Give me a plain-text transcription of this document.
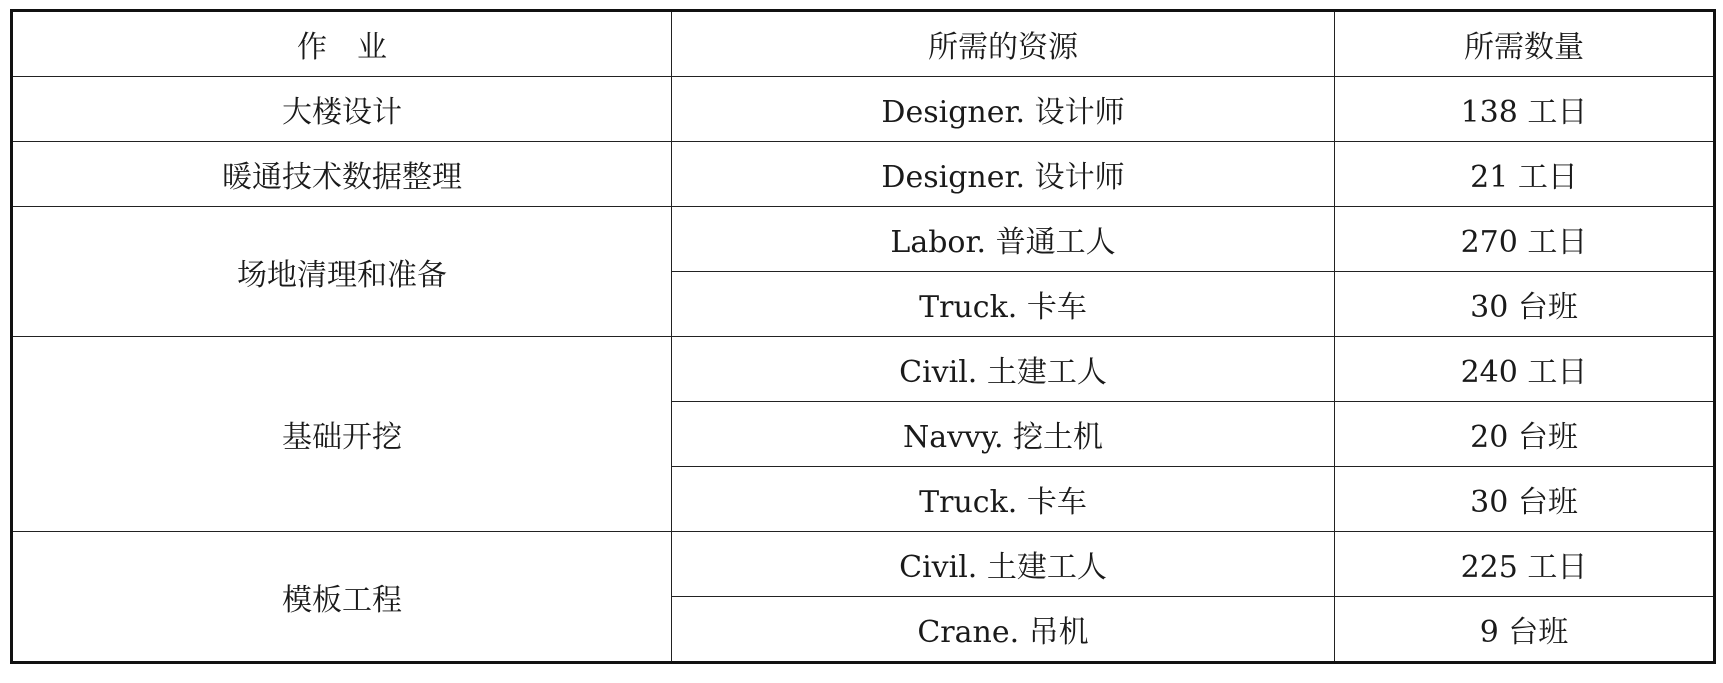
作　业	所需的资源	所需数量
大楼设计	Designer. 设计师	138 工日
暖通技术数据整理	Designer. 设计师	21 工日
场地清理和准备	Labor. 普通工人	270 工日
	Truck. 卡车	30 台班
基础开挖	Civil. 土建工人	240 工日
	Navvy. 挖土机	20 台班
	Truck. 卡车	30 台班
模板工程	Civil. 土建工人	225 工日
	Crane. 吊机	9 台班
